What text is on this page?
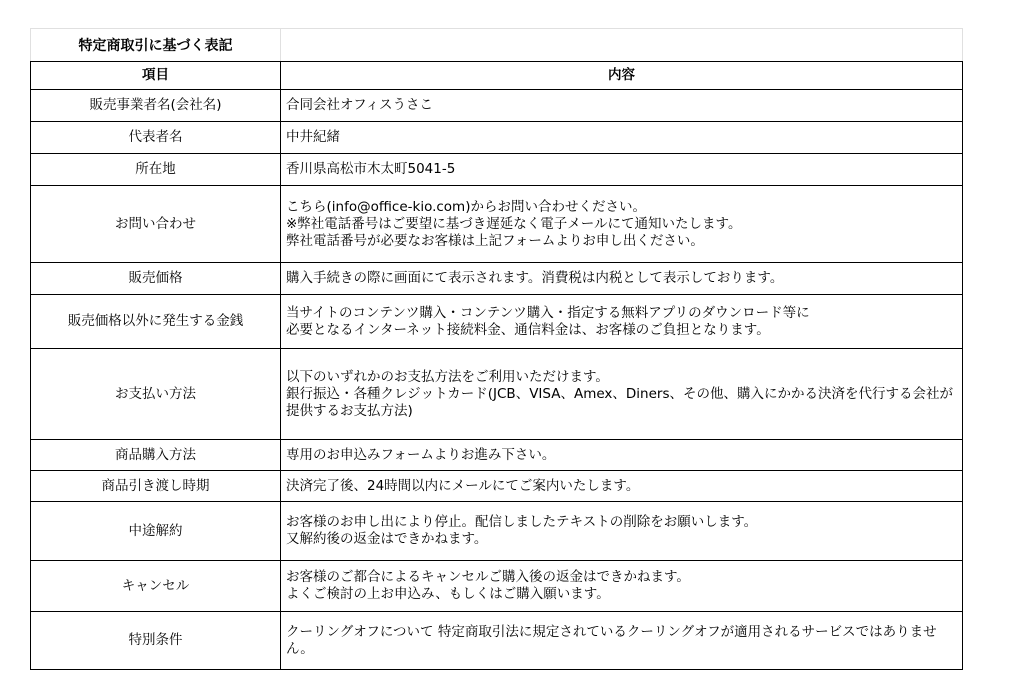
特定商取引に基づく表記
項目	内容
販売事業者名(会社名)	合同会社オフィスうさこ

代表者名	中井紀緒

所在地	香川県高松市木太町5041-5

お問い合わせ	こちら(info@office-kio.com)からお問い合わせください。
※弊社電話番号はご要望に基づき遅延なく電子メールにて通知いたします。
弊社電話番号が必要なお客様は上記フォームよりお申し出ください。

販売価格	購入手続きの際に画面にて表示されます。消費税は内税として表示しております。

販売価格以外に発生する金銭	当サイトのコンテンツ購入・コンテンツ購入・指定する無料アプリのダウンロード等に
必要となるインターネット接続料金、通信料金は、お客様のご負担となります。

お支払い方法	以下のいずれかのお支払方法をご利用いただけます。
銀行振込・各種クレジットカード(JCB、VISA、Amex、Diners、その他、購入にかかる決済を代行する会社が提供するお支払方法)

商品購入方法	専用のお申込みフォームよりお進み下さい。

商品引き渡し時期	決済完了後、24時間以内にメールにてご案内いたします。

中途解約	お客様のお申し出により停止。配信しましたテキストの削除をお願いします。
又解約後の返金はできかねます。

キャンセル	お客様のご都合によるキャンセルご購入後の返金はできかねます。
よくご検討の上お申込み、もしくはご購入願います。

特別条件	クーリングオフについて 特定商取引法に規定されているクーリングオフが適用されるサービスではありません。
